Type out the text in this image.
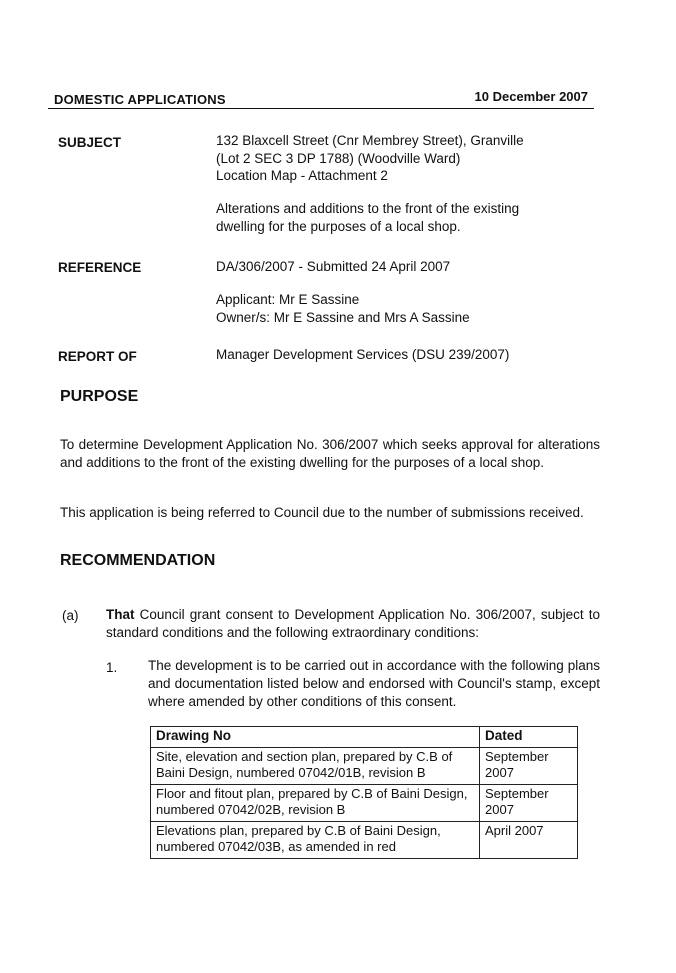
DOMESTIC APPLICATIONS	10 December 2007
SUBJECT	132 Blaxcell Street (Cnr Membrey Street), Granville
(Lot 2 SEC 3 DP 1788) (Woodville Ward)
Location Map - Attachment 2
Alterations and additions to the front of the existing
dwelling for the purposes of a local shop.
REFERENCE	DA/306/2007 - Submitted 24 April 2007
Applicant: Mr E Sassine
Owner/s: Mr E Sassine and Mrs A Sassine
REPORT OF	Manager Development Services (DSU 239/2007)
PURPOSE
To determine Development Application No. 306/2007 which seeks approval for alterations and additions to the front of the existing dwelling for the purposes of a local shop.
This application is being referred to Council due to the number of submissions received.
RECOMMENDATION
(a) That Council grant consent to Development Application No. 306/2007, subject to standard conditions and the following extraordinary conditions:
1. The development is to be carried out in accordance with the following plans and documentation listed below and endorsed with Council's stamp, except where amended by other conditions of this consent.
Drawing No	Dated
Site, elevation and section plan, prepared by C.B of Baini Design, numbered 07042/01B, revision B	September 2007
Floor and fitout plan, prepared by C.B of Baini Design, numbered 07042/02B, revision B	September 2007
Elevations plan, prepared by C.B of Baini Design, numbered 07042/03B, as amended in red	April 2007
